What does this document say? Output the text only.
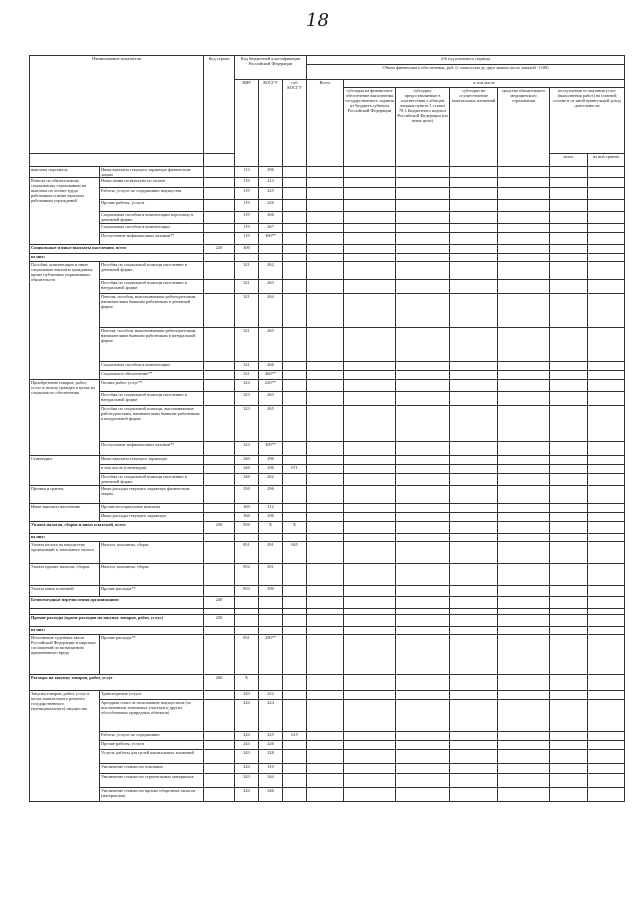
18
Наименование показателя		Код строки	Код бюджетной классификации Российской Федерации			2-й год планового периода						
						Объем финансового обеспечения, руб. (с точностью до двух знаков после запятой - 0,00)						
			КВР	КОСГУ	суб КОСГУ	Всего	в том числе					
							субсидии на финансовое обеспечение выполнения государственного задания из бюджета субъекта Российской Федерации	субсидии, предоставляемые в соответствии с абзацем вторым пункта 1 статьи 78.1 Бюджетного кодекса Российской Федерации (на иные цели)	субсидии на осуществление капитальных вложений	средства обязательного медицинского страхования	поступления от оказания услуг (выполнения работ) на платной основе и от иной приносящей доход деятельности	
											всего	из них гранты
выплаты персоналу	Иные выплаты текущего характера физическим лицам		113	296								
Взносы по обязательному социальному страхованию на выплаты по оплате труда работников и иные выплаты работникам учреждений	Начисления на выплаты по оплате		119	213								
	Работы, услуги по содержанию имущества		119	225								
	Прочие работы, услуги		119	226								
	Социальные пособия и компенсации персоналу в денежной форме		119	266								
	Социальные пособия и компенсации		119	267								
	Поступление нефинансовых активов**		119	300**								
Социальные и иные выплаты населению, всего		220	300									
из них:												
Пособия, компенсации и иные социальные выплаты гражданам, кроме публичных нормативных обязательств	Пособия по социальной помощи населению в денежной форме		321	262								
	Пособия по социальной помощи населению в натуральной форме		321	263								
	Пенсии, пособия, выплачиваемые работодателями, нанимателями бывшим работникам в денежной форме		321	264								
	Пенсии, пособия, выплачиваемые работодателями, нанимателями бывшим работникам в натуральной форме		321	265								
	Социальные пособия и компенсации		321	266								
	Социальное обеспечение**		321	260**								
Приобретение товаров, работ, услуг в пользу граждан в целях их социального обеспечения	Оплата работ, услуг**		323	220**								
	Пособия по социальной помощи населению в натуральной форме		323	263								
	Пособия по социальной помощи, выплачиваемые работодателями, нанимателями бывшим работникам в натуральной форме		323	265								
	Поступление нефинансовых активов**		323	300**								
Стипендии	Иные выплаты текущего характера		340	296								
	в том числе (стипендии)		340	296	071							
	Пособия по социальной помощи населению в денежной форме		340	262								
Премии и гранты	Иные расходы текущего характера физическим лицам		350	296								
Иные выплаты населению	Прочие несоциальные выплаты		360	212								
	Иные расходы текущего характера		360	296								
Уплата налогов, сборов и иных платежей, всего		230	850	X	X							
из них:												
Уплата налога на имущество организаций и земельного налога	Налоги, пошлины, сборы		851	291	045							
Уплата прочих налогов, сборов	Налоги, пошлины, сборы		852	291								
Уплата иных платежей	Прочие расходы**		853	290								
Безвозмездные перечисления организациям		240										

Прочие расходы (кроме расходов на закупку товаров, работ, услуг)		250										
из них:												
Исполнение судебных актов Российской Федерации и мировых соглашений по возмещению причиненного вреда	Прочие расходы**		831	290**								
Расходы на закупку товаров, работ, услуг		260	X									
Закупка товаров, работ, услуг в целях капитального ремонта государственного (муниципального) имущества	Транспортные услуги		243	222								
	Арендная плата за пользование имуществом (за исключением земельных участков и других обособленных природных объектов)		243	224								
	Работы, услуги по содержанию		243	225	615							
	Прочие работы, услуги		243	226								
	Услуги, работы для целей капитальных вложений		243	228								
	Увеличение стоимости основных		243	310								
	Увеличение стоимости строительных материалов		243	344								
	Увеличение стоимости прочих оборотных запасов (материалов)		243	346								
